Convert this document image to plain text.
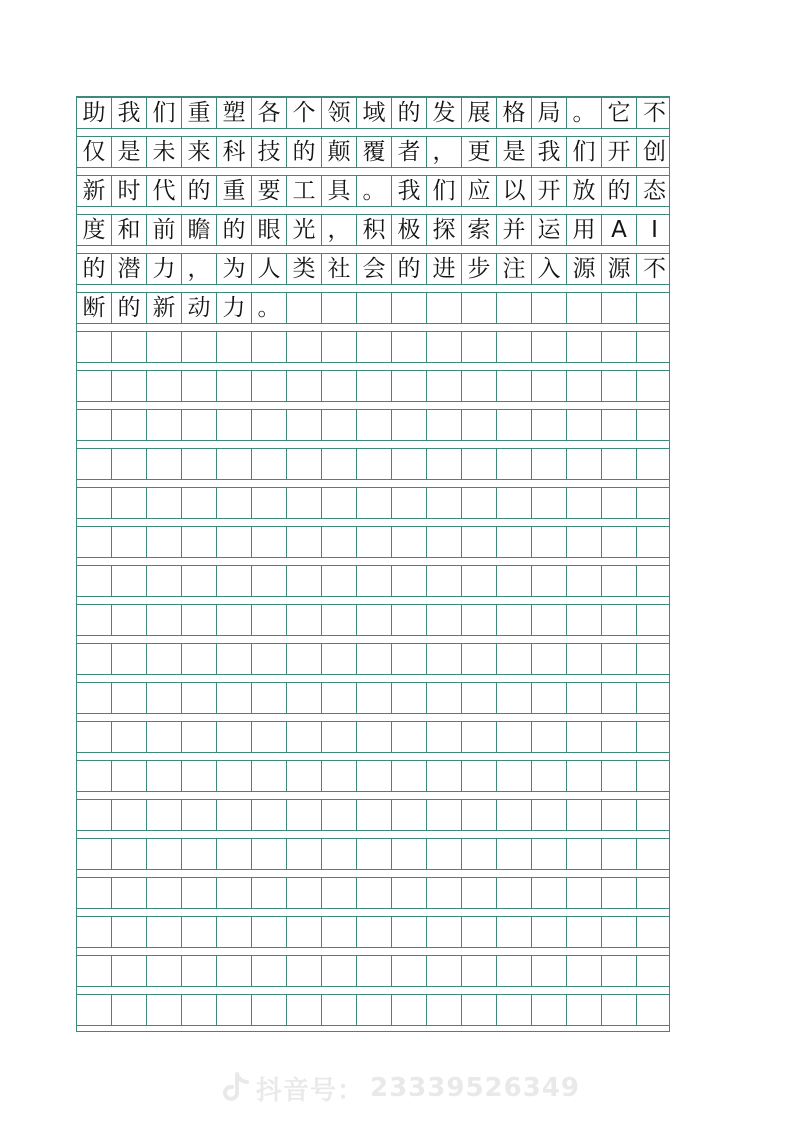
助 我 们 重 塑 各 个 领 域 的 发 展 格 局 。 它 不
仅 是 未 来 科 技 的 颠 覆 者 ， 更 是 我 们 开 创
新 时 代 的 重 要 工 具 。 我 们 应 以 开 放 的 态
度 和 前 瞻 的 眼 光 ， 积 极 探 索 并 运 用 A	I
的 潜 力 ， 为 人 类 社 会 的 进 步 注 入 源 源 不
断 的 新 动 力 。
抖音号： 23339526349
